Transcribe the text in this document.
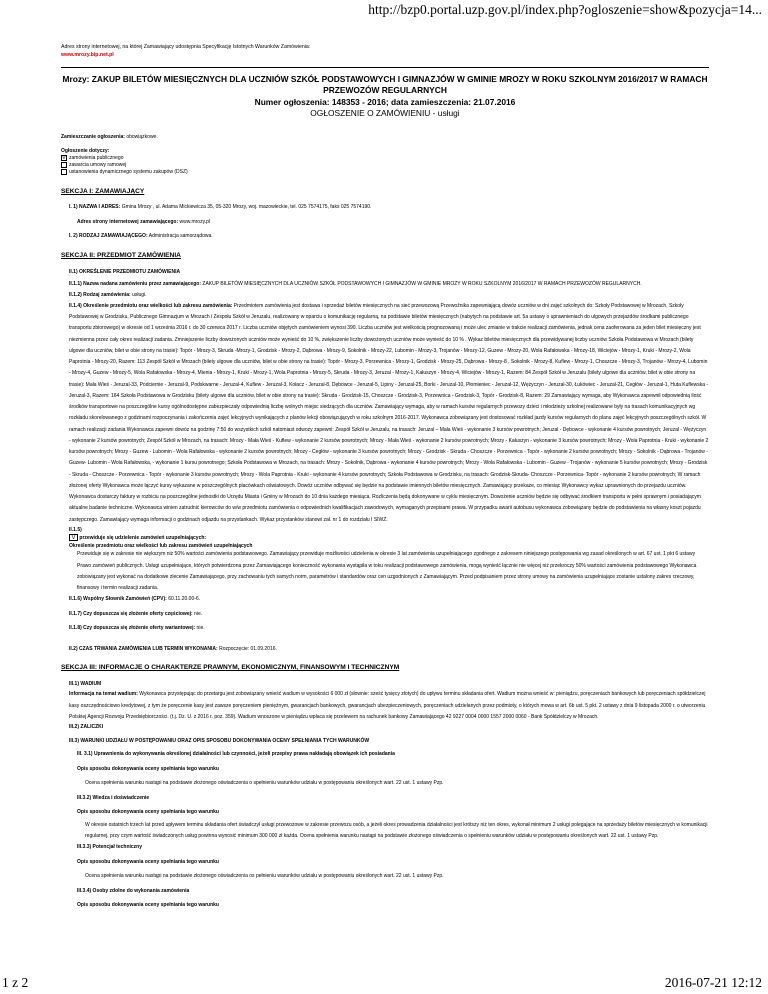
http://bzp0.portal.uzp.gov.pl/index.php?ogloszenie=show&pozycja=14...
Adres strony internetowej, na której Zamawiający udostępnia Specyfikację Istotnych Warunków Zamówienia:
www.mrozy.bip.net.pl
Mrozy: ZAKUP BILETÓW MIESIĘCZNYCH DLA UCZNIÓW SZKÓŁ PODSTAWOWYCH I GIMNAZJÓW W GMINIE MROZY W ROKU SZKOLNYM 2016/2017 W RAMACH
PRZEWOZÓW REGULARNYCH
Numer ogłoszenia: 148353 - 2016; data zamieszczenia: 21.07.2016
OGŁOSZENIE O ZAMÓWIENIU - usługi
Zamieszczanie ogłoszenia: obowiązkowe.
Ogłoszenie dotyczy:
V zamówienia publicznego
zawarcia umowy ramowej
ustanowienia dynamicznego systemu zakupów (DSZ)
SEKCJA I: ZAMAWIAJĄCY
I. 1) NAZWA I ADRES: Gmina Mrozy , ul. Adama Mickiewicza 35, 05-320 Mrozy, woj. mazowieckie, tel. 025 7574175, faks 025 7574190.
Adres strony internetowej zamawiającego: www.mrozy.pl
I. 2) RODZAJ ZAMAWIAJĄCEGO: Administracja samorządowa.
SEKCJA II: PRZEDMIOT ZAMÓWIENIA
II.1) OKREŚLENIE PRZEDMIOTU ZAMÓWIENIA
II.1.1) Nazwa nadana zamówieniu przez zamawiającego: ZAKUP BILETÓW MIESIĘCZNYCH DLA UCZNIÓW SZKÓŁ PODSTAWOWYCH I GIMNAZJÓW W GMINIE MROZY W ROKU SZKOLNYM 2016/2017 W RAMACH PRZEWOZÓW REGULARNYCH.
II.1.2) Rodzaj zamówienia: usługi.
II.1.4) Określenie przedmiotu oraz wielkości lub zakresu zamówienia: Przedmiotem zamówienia jest dostawa i sprzedaż biletów miesięcznych na sieć przewozową Przewoźnika zapewniającą dowóz uczniów w dni zajęć szkolnych do: Szkoły Podstawowej w Mrozach, Szkoły Podstawowej w Grodzisku, Publicznego Gimnazjum w Mrozach i Zespołu Szkół w Jeruzalu, realizowany w oparciu o komunikację regularną, na podstawie biletów miesięcznych (nabytych na podstawie art. 5a ustawy o uprawnieniach do ulgowych przejazdów środkami publicznego transportu zbiorowego) w okresie od 1 września 2016 r. do 30 czerwca 2017 r. Liczba uczniów objętych zamówieniem wynosi 390. Liczba uczniów jest wielkością prognozowaną i może ulec zmianie w trakcie realizacji zamówienia, jednak cena zaoferowana za jeden bilet miesięczny jest niezmienna przez cały okres realizacji zadania. Zmniejszenie liczby dowożonych uczniów może wynieść do 10 %, zwiększenie liczby dowożonych uczniów może wynieść do 10 % . Wykaz biletów miesięcznych dla przewidywanej liczby uczniów Szkoła Podstawowa w Mrozach (bilety ulgowe dla uczniów, bilet w obie strony na trasie): Topór - Mrozy-3, Skruda -Mrozy-1, Grodzisk - Mrozy-2, Dąbrowa - Mrozy-9, Sokolnik - Mrozy-22, Lubomin - Mrozy-3, Trojanów - Mrozy-12, Guzew - Mrozy-20, Wola Rafałowska - Mrozy-18, Wiciejów - Mrozy-1, Kruki - Mrozy-2, Wola Paprotnia - Mrozy-20, Razem: 113 Zespół Szkół w Mrozach (bilety ulgowe dla uczniów, bilet w obie strony na trasie): Topór - Mrozy-3, Porzewnica - Mrozy-1, Grodzisk - Mrozy-25, Dąbrowa - Mrozy-8 , Sokolnik - Mrozy-8, Kuflew - Mrozy-1, Choszcze - Mrozy-3, Trojanów - Mrozy-4, Lubomin - Mrozy-4, Guzew - Mrozy-5, Wola Rafałowska - Mrozy-4, Mienia - Mrozy-1, Kruki - Mrozy-1, Wola Paprotnia - Mrozy-5, Skruda - Mrozy-3, Jeruzal - Mrozy-1, Kałuszyn - Mrozy-4, Wiciejów - Mrozy-1, Razem: 84 Zespół Szkół w Jeruzalu (bilety ulgowe dla uczniów, bilet w obie strony na trasie): Mała Wieś - Jeruzal-33, Podciernie - Jeruzal-9, Podskwarne - Jeruzal-4, Kuflew - Jeruzal-3, Kołacz - Jeruzal-8, Dębowce - Jeruzal-5, Lipiny - Jeruzal-25, Borki - Jeruzal-10, Płomieniec - Jeruzal-12, Wężyczyn - Jeruzal-30, Łukówiec - Jeruzal-21, Cegłów - Jeruzal-1, Huta Kuflewska - Jeruzal-3, Razem: 164 Szkoła Podstawowa w Grodzisku (bilety ulgowe dla uczniów, bilet w obie strony na trasie): Skruda - Grodzisk-15, Choszcze - Grodzisk-3, Porzewnica - Grodzisk-3, Topór - Grodzisk-8, Razem: 29 Zamawiający wymaga, aby Wykonawca zapewnił odpowiednią ilość środków transportowe na poszczególne kursy ogólnodostępne zabezpieczały odpowiednią liczbę wolnych miejsc siedzących dla uczniów. Zamawiający wymaga, aby w ramach kursów regularnych przewozy dzieci i młodzieży szkolnej realizowane były na trasach komunikacyjnych wg rozkładu skorelowanego z godzinami rozpoczynania i zakończenia zajęć lekcyjnych wynikających z planów lekcji obowiązujących w roku szkolnym 2016-2017. Wykonawca zobowiązany jest dostosować rozkład jazdy kursów regularnych do planu zajęć lekcyjnych poszczególnych szkół. W ramach realizacji zadania Wykonawca zapewni dowóz na godzinę 7:50 do wszystkich szkół natomiast odwozy zapewni: Zespół Szkół w Jeruzalu, na trasach: Jeruzal – Mała Wieś - wykonanie 3 kursów powrotnych; Jeruzal - Dębowce - wykonanie 4 kursów powrotnych; Jeruzal - Wężyczyn - wykonanie 2 kursów powrotnych; Zespół Szkół w Mrozach, na trasach: Mrozy - Mała Wieś - Kuflew - wykonanie 2 kursów powrotnych; Mrozy - Mała Wieś - wykonanie 2 kursów powrotnych; Mrozy - Kałuszyn - wykonanie 3 kursów powrotnych; Mrozy - Wola Paprotnia - Kruki - wykonanie 2 kursów powrotnych; Mrozy - Guzew - Lubomin - Wola Rafałowska - wykonanie 2 kursów powrotnych; Mrozy - Cegłów - wykonanie 3 kursów powrotnych; Mrozy - Grodzisk - Skruda - Choszcze - Porzewnica - Topór - wykonanie 2 kursów powrotnych; Mrozy - Sokolnik - Dąbrowa - Trojanów - Guzew- Lubomin - Wola Rafałowska, - wykonanie 1 kursu powrotnego; Szkoła Podstawowa w Mrozach, na trasach: Mrozy - Sokolnik, Dąbrowa - wykonanie 4 kursów powrotnych; Mrozy - Wola Rafałowska - Lubomin - Guzew - Trojanów - wykonanie 5 kursów powrotnych; Mrozy - Grodzisk - Skruda - Choszcze - Porzewnica - Topór - wykonanie 3 kursów powrotnych; Mrozy - Wola Paprotnia - Kruki - wykonanie 4 kursów powrotnych; Szkoła Podstawowa w Grodzisku, na trasach: Grodzisk-Skruda- Choszcze - Porzewnica- Topór - wykonanie 2 kursów powrotnych; W ramach złożonej oferty Wykonawca może łączyć kursy wykazane w poszczególnych placówkach oświatowych. Dowóz uczniów odbywać się będzie na podstawie imiennych biletów miesięcznych. Zamawiający przekaże, co miesiąc Wykonawcy wykaz uprawnionych do przejazdu uczniów. Wykonawca dostarczy faktury w rozbiciu na poszczególne jednostki do Urzędu Miasta i Gminy w Mrozach do 10 dnia każdego miesiąca. Rozliczenia będą dokonywane w cyklu miesięcznym. Dowożenie uczniów będzie się odbywać środkiem transportu w pełni sprawnym i posiadającym aktualne badanie techniczne. Wykonawca winien zatrudnić kierowców do w/w przedmiotu zamówienia o odpowiednich kwalifikacjach zawodowych, wymaganych przepisami prawa. W przypadku awarii autobusu wykonawca zobowiązany będzie do podstawienia na własny koszt pojazdu zastępczego. Zamawiający wymaga informacji o godzinach odjazdu na przystankach. Wykaz przystanków stanowi zał. nr 1 do rozdziału I SIWZ.
II.1.5)
V przewiduje się udzielenie zamówień uzupełniających:
Określenie przedmiotu oraz wielkości lub zakresu zamówień uzupełniających
Przewiduje się w zakresie nie większym niż 50% wartości zamówienia podstawowego. Zamawiający przewiduje możliwości udzielenia w okresie 3 lat zamówienia uzupełniającego zgodnego z zakresem niniejszego postępowania wg zasad określonych w art. 67 ust. 1 pkt 6 ustawy Prawo zamówień publicznych. Usługi uzupełniające, których potwierdzona przez Zamawiającego konieczność wykonania wystąpiła w toku realizacji podstawowego zamówienia, mogą wynieść łącznie nie więcej niż przekroczy 50% wartości zamówienia podstawowego Wykonawca zobowiązany jest wykonać na dodatkowe zlecenie Zamawiającego, przy zachowaniu tych samych norm, parametrów i standardów oraz cen uzgodnionych z Zamawiającym. Przed podpisaniem przez strony umowy na zamówienia uzupełniające zostanie ustalony zakres rzeczowy, finansowy i termin realizacji zadania.
II.1.6) Wspólny Słownik Zamówień (CPV): 60.11.20.00-6.
II.1.7) Czy dopuszcza się złożenie oferty częściowej: nie.
II.1.8) Czy dopuszcza się złożenie oferty wariantowej: nie.
II.2) CZAS TRWANIA ZAMÓWIENIA LUB TERMIN WYKONANIA: Rozpoczęcie: 01.09.2016.
SEKCJA III: INFORMACJE O CHARAKTERZE PRAWNYM, EKONOMICZNYM, FINANSOWYM I TECHNICZNYM
III.1) WADIUM
Informacja na temat wadium: Wykonawca przystępując do przetargu jest zobowiązany wnieść wadium w wysokości 6 000 zł (słownie: sześć tysięcy złotych) do upływu terminu składania ofert. Wadium można wnieść w: pieniądzu, poręczeniach bankowych lub poręczeniach spółdzielczej kasy oszczędnościowo kredytowej, z tym że poręczenie kasy jest zawsze poręczeniem pieniężnym, gwarancjach bankowych, gwarancjach ubezpieczeniowych, poręczeniach udzielanych przez podmioty, o których mowa w art. 6b ust. 5 pkt. 2 ustawy z dnia 9 listopada 2000 r. o utworzeniu Polskiej Agencji Rozwoju Przedsiębiorczości. (t.j. Dz. U. z 2016 r. poz. 359). Wadium wnoszone w pieniądzu wpłaca się przelewem na rachunek bankowy Zamawiającego 42 9227 0004 0000 1557 2000 0060 - Bank Spółdzielczy w Mrozach.
III.2) ZALICZKI
III.3) WARUNKI UDZIAŁU W POSTĘPOWANIU ORAZ OPIS SPOSOBU DOKONYWANIA OCENY SPEŁNIANIA TYCH WARUNKÓW
III. 3.1) Uprawnienia do wykonywania określonej działalności lub czynności, jeżeli przepisy prawa nakładają obowiązek ich posiadania
Opis sposobu dokonywania oceny spełniania tego warunku
Ocena spełnienia warunku nastąpi na podstawie złożonego oświadczenia o spełnieniu warunków udziału w postępowaniu określonych wart. 22 ust. 1 ustawy Pzp.
III.3.2) Wiedza i doświadczenie
Opis sposobu dokonywania oceny spełniania tego warunku
W okresie ostatnich trzech lat przed upływem terminu składania ofert świadczył usługi przewozowe w zakresie przewozu osób, a jeżeli okres prowadzenia działalności jest krótszy niż ten okres, wykonał minimum 2 usługi polegające na sprzedaży biletów miesięcznych w komunikacji regularnej, przy czym wartość świadczonych usług powinna wynosić minimum 300 000 zł każda. Ocena spełnienia warunku nastąpi na podstawie złożonego oświadczenia o spełnieniu warunków udziału w postępowaniu określonych wart. 22 ust. 1 ustawy Pzp.
III.3.3) Potencjał techniczny
Opis sposobu dokonywania oceny spełniania tego warunku
Ocena spełnienia warunku nastąpi na podstawie złożonego oświadczenia os pełnieniu warunków udziału w postępowaniu określonych wart. 22 ust. 1 ustawy Pzp.
III.3.4) Osoby zdolne do wykonania zamówienia
Opis sposobu dokonywania oceny spełniania tego warunku
1 z 2	2016-07-21 12:12
